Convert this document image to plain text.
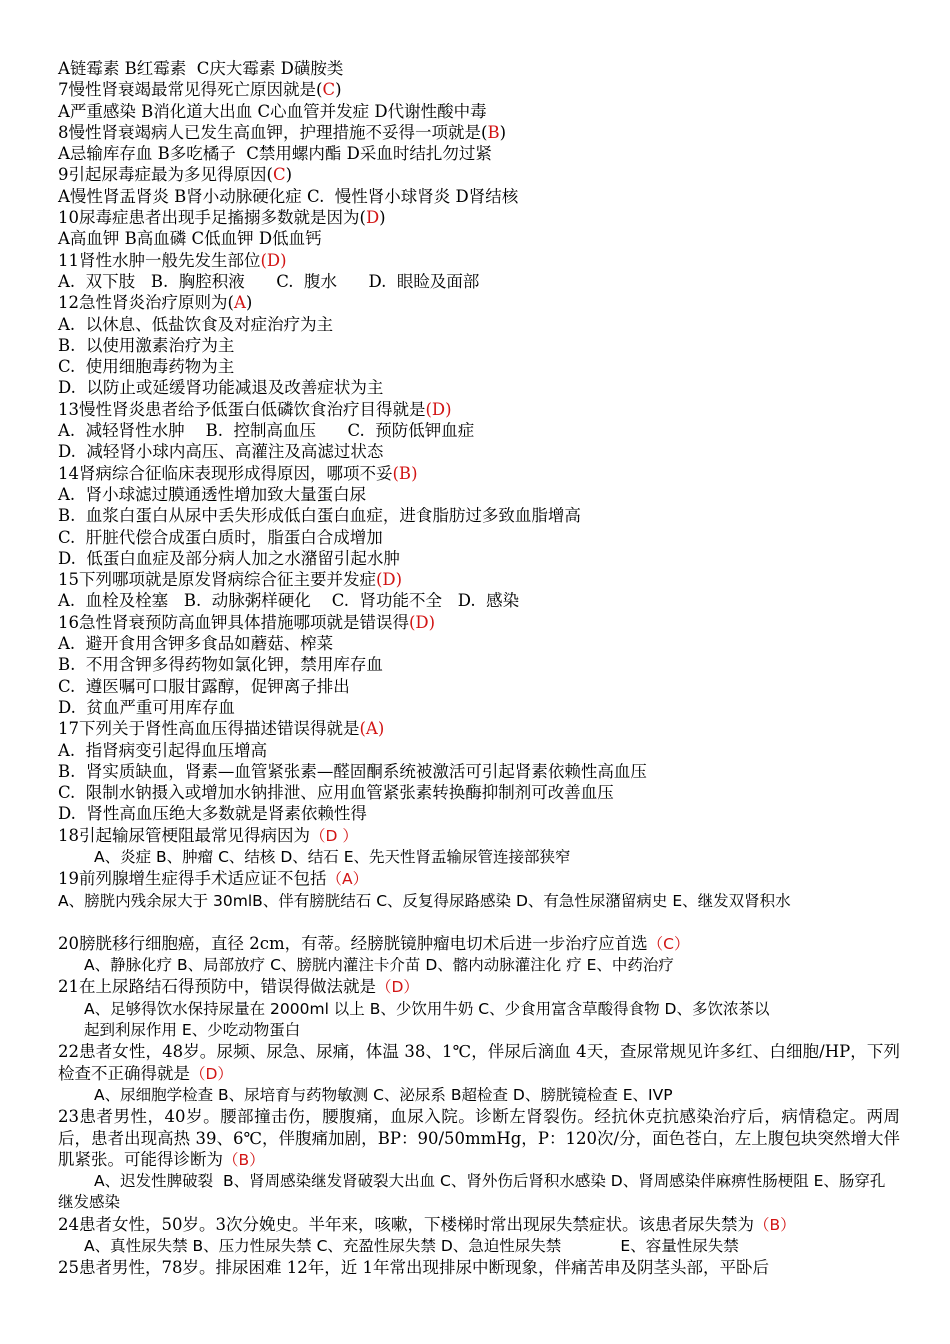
A链霉素 B红霉素  C庆大霉素 D磺胺类

7慢性肾衰竭最常见得死亡原因就是(C)

A严重感染 B消化道大出血 C心血管并发症 D代谢性酸中毒

8慢性肾衰竭病人已发生高血钾，护理措施不妥得一项就是(B)

A忌输库存血 B多吃橘子  C禁用螺内酯 D采血时结扎勿过紧

9引起尿毒症最为多见得原因(C)

A慢性肾盂肾炎 B肾小动脉硬化症 C.  慢性肾小球肾炎 D肾结核

10尿毒症患者出现手足搐搦多数就是因为(D)

A高血钾 B高血磷 C低血钾 D低血钙

11肾性水肿一般先发生部位(D)

A.  双下肢   B.  胸腔积液      C.  腹水      D.  眼睑及面部

12急性肾炎治疗原则为(A)

A.  以休息、低盐饮食及对症治疗为主

B.  以使用激素治疗为主

C.  使用细胞毒药物为主

D.  以防止或延缓肾功能减退及改善症状为主

13慢性肾炎患者给予低蛋白低磷饮食治疗目得就是(D)

A.  减轻肾性水肿    B.  控制高血压      C.  预防低钾血症

D.  减轻肾小球内高压、高灌注及高滤过状态

14肾病综合征临床表现形成得原因，哪项不妥(B)

A.  肾小球滤过膜通透性增加致大量蛋白尿

B.  血浆白蛋白从尿中丢失形成低白蛋白血症，进食脂肪过多致血脂增高

C.  肝脏代偿合成蛋白质时，脂蛋白合成增加

D.  低蛋白血症及部分病人加之水潴留引起水肿

15下列哪项就是原发肾病综合征主要并发症(D)

A.  血栓及栓塞   B.  动脉粥样硬化    C.  肾功能不全   D.  感染

16急性肾衰预防高血钾具体措施哪项就是错误得(D)

A.  避开食用含钾多食品如蘑菇、榨菜

B.  不用含钾多得药物如氯化钾，禁用库存血

C.  遵医嘱可口服甘露醇，促钾离子排出

D.  贫血严重可用库存血

17下列关于肾性高血压得描述错误得就是(A)

A.  指肾病变引起得血压增高

B.  肾实质缺血，肾素—血管紧张素—醛固酮系统被激活可引起肾素依赖性高血压

C.  限制水钠摄入或增加水钠排泄、应用血管紧张素转换酶抑制剂可改善血压

D.  肾性高血压绝大多数就是肾素依赖性得

18引起输尿管梗阻最常见得病因为（D ）

A、炎症 B、肿瘤 C、结核 D、结石 E、先天性肾盂输尿管连接部狭窄

19前列腺增生症得手术适应证不包括（A）

A、膀胱内残余尿大于 30mlB、伴有膀胱结石 C、反复得尿路感染 D、有急性尿潴留病史 E、继发双肾积水

20膀胱移行细胞癌，直径 2cm，有蒂。经膀胱镜肿瘤电切术后进一步治疗应首选（C）

A、静脉化疗 B、局部放疗 C、膀胱内灌注卡介苗 D、髂内动脉灌注化 疗 E、中药治疗

21在上尿路结石得预防中，错误得做法就是（D）

A、足够得饮水保持尿量在 2000ml 以上 B、少饮用牛奶 C、少食用富含草酸得食物 D、多饮浓茶以

起到利尿作用 E、少吃动物蛋白

22患者女性，48岁。尿频、尿急、尿痛，体温 38、1℃，伴尿后滴血 4天，查尿常规见许多红、白细胞/HP，下列检查不正确得就是（D）

A、尿细胞学检查 B、尿培育与药物敏测 C、泌尿系 B超检查 D、膀胱镜检查 E、IVP

23患者男性，40岁。腰部撞击伤，腰腹痛，血尿入院。诊断左肾裂伤。经抗休克抗感染治疗后，病情稳定。两周后，患者出现高热 39、6℃，伴腹痛加剧，BP：90/50mmHg，P：120次/分，面色苍白，左上腹包块突然增大伴肌紧张。可能得诊断为（B）

A、迟发性脾破裂  B、肾周感染继发肾破裂大出血 C、肾外伤后肾积水感染 D、肾周感染伴麻痹性肠梗阻 E、肠穿孔继发感染

24患者女性，50岁。3次分娩史。半年来，咳嗽，下楼梯时常出现尿失禁症状。该患者尿失禁为（B）

A、真性尿失禁 B、压力性尿失禁 C、充盈性尿失禁 D、急迫性尿失禁            E、容量性尿失禁

25患者男性，78岁。排尿困难 12年，近 1年常出现排尿中断现象，伴痛苦串及阴茎头部，平卧后
